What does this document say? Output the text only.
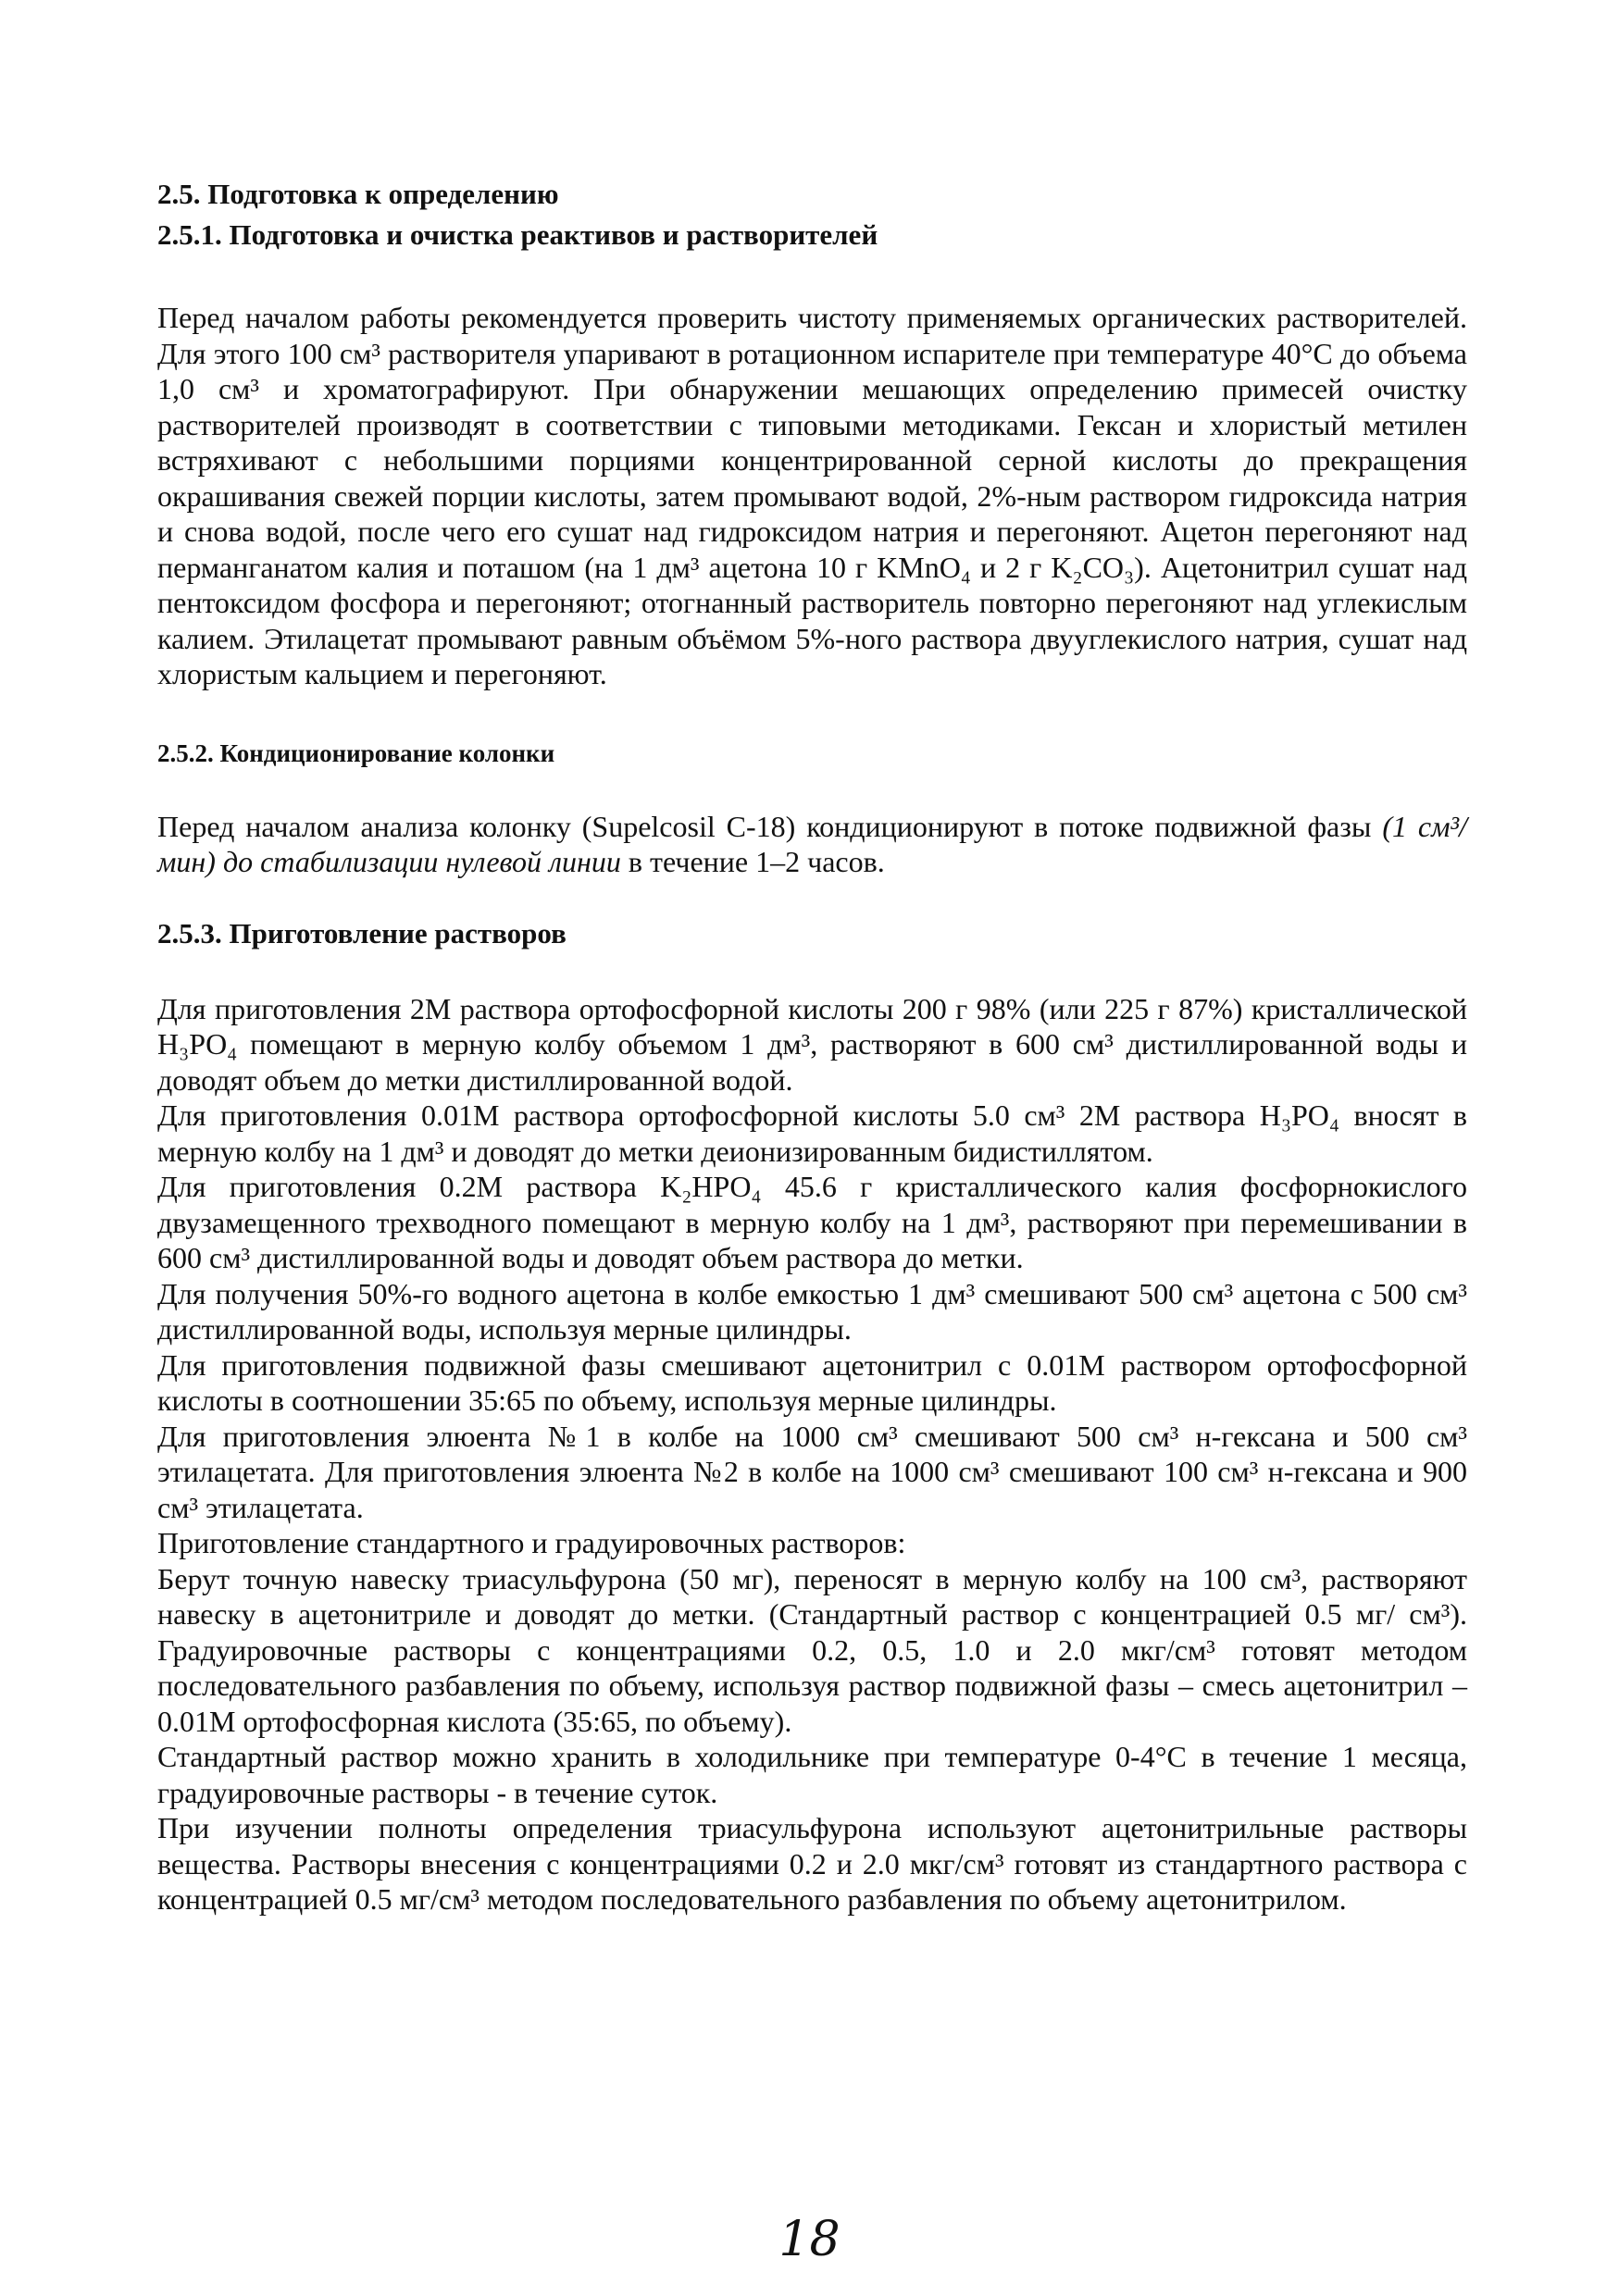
2.5. Подготовка к определению
2.5.1. Подготовка и очистка реактивов и растворителей

Перед началом работы рекомендуется проверить чистоту применяемых органических растворителей. Для этого 100 см³ растворителя упаривают в ротационном испарителе при температуре 40°С до объема 1,0 см³ и хроматографируют. При обнаружении мешающих определению примесей очистку растворителей производят в соответствии с типовыми методиками. Гексан и хлористый метилен встряхивают с небольшими порциями концентрированной серной кислоты до прекращения окрашивания свежей порции кислоты, затем промывают водой, 2%-ным раствором гидроксида натрия и снова водой, после чего его сушат над гидроксидом натрия и перегоняют. Ацетон перегоняют над перманганатом калия и поташом (на 1 дм³ ацетона 10 г KMnO₄ и 2 г K₂CO₃). Ацетонитрил сушат над пентоксидом фосфора и перегоняют; отогнанный растворитель повторно перегоняют над углекислым калием. Этилацетат промывают равным объёмом 5%-ного раствора двууглекислого натрия, сушат над хлористым кальцием и перегоняют.

2.5.2. Кондиционирование колонки

Перед началом анализа колонку (Supelcosil C-18) кондиционируют в потоке подвижной фазы (1 см³/мин) до стабилизации нулевой линии в течение 1–2 часов.

2.5.3. Приготовление растворов

Для приготовления 2М раствора ортофосфорной кислоты 200 г 98% (или 225 г 87%) кристаллической H₃PO₄ помещают в мерную колбу объемом 1 дм³, растворяют в 600 см³ дистиллированной воды и доводят объем до метки дистиллированной водой.

Для приготовления 0.01М раствора ортофосфорной кислоты 5.0 см³ 2М раствора H₃PO₄ вносят в мерную колбу на 1 дм³ и доводят до метки деионизированным бидистиллятом.

Для приготовления 0.2М раствора K₂HPO₄ 45.6 г кристаллического калия фосфорнокислого двузамещенного трехводного помещают в мерную колбу на 1 дм³, растворяют при перемешивании в 600 см³ дистиллированной воды и доводят объем раствора до метки.

Для получения 50%-го водного ацетона в колбе емкостью 1 дм³ смешивают 500 см³ ацетона с 500 см³ дистиллированной воды, используя мерные цилиндры.

Для приготовления подвижной фазы смешивают ацетонитрил с 0.01М раствором ортофосфорной кислоты в соотношении 35:65 по объему, используя мерные цилиндры.

Для приготовления элюента №1 в колбе на 1000 см³ смешивают 500 см³ н-гексана и 500 см³ этилацетата. Для приготовления элюента №2 в колбе на 1000 см³ смешивают 100 см³ н-гексана и 900 см³ этилацетата.

Приготовление стандартного и градуировочных растворов:

Берут точную навеску триасульфурона (50 мг), переносят в мерную колбу на 100 см³, растворяют навеску в ацетонитриле и доводят до метки. (Стандартный раствор с концентрацией 0.5 мг/ см³). Градуировочные растворы с концентрациями 0.2, 0.5, 1.0 и 2.0 мкг/см³ готовят методом последовательного разбавления по объему, используя раствор подвижной фазы – смесь ацетонитрил – 0.01М ортофосфорная кислота (35:65, по объему).

Стандартный раствор можно хранить в холодильнике при температуре 0-4°С в течение 1 месяца, градуировочные растворы - в течение суток.

При изучении полноты определения триасульфурона используют ацетонитрильные растворы вещества. Растворы внесения с концентрациями 0.2 и 2.0 мкг/см³ готовят из стандартного раствора с концентрацией 0.5 мг/см³ методом последовательного разбавления по объему ацетонитрилом.

18
